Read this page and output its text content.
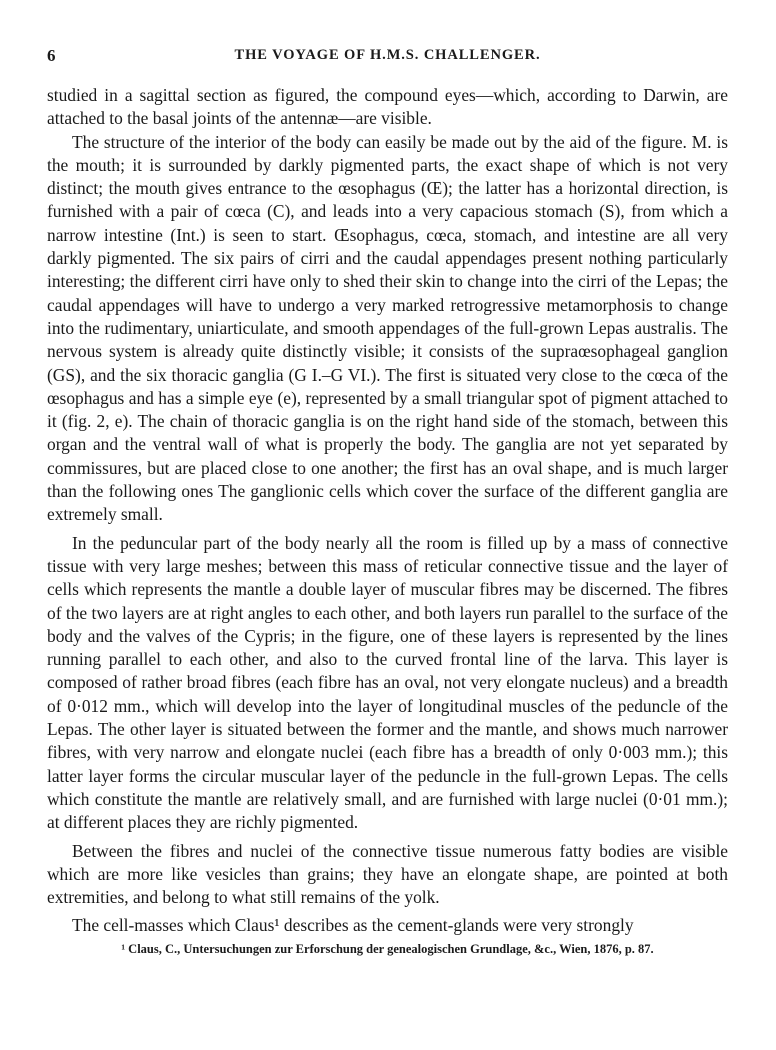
6	THE VOYAGE OF H.M.S. CHALLENGER.

studied in a sagittal section as figured, the compound eyes—which, according to Darwin, are attached to the basal joints of the antennæ—are visible.

The structure of the interior of the body can easily be made out by the aid of the figure. M. is the mouth; it is surrounded by darkly pigmented parts, the exact shape of which is not very distinct; the mouth gives entrance to the œsophagus (Œ); the latter has a horizontal direction, is furnished with a pair of cœca (C), and leads into a very capacious stomach (S), from which a narrow intestine (Int.) is seen to start. Œsophagus, cœca, stomach, and intestine are all very darkly pigmented. The six pairs of cirri and the caudal appendages present nothing particularly interesting; the different cirri have only to shed their skin to change into the cirri of the Lepas; the caudal appendages will have to undergo a very marked retrogressive metamorphosis to change into the rudimentary, uniarticulate, and smooth appendages of the full-grown Lepas australis. The nervous system is already quite distinctly visible; it consists of the supraœsophageal ganglion (GS), and the six thoracic ganglia (G I.–G VI.). The first is situated very close to the cœca of the œsophagus and has a simple eye (e), represented by a small triangular spot of pigment attached to it (fig. 2, e). The chain of thoracic ganglia is on the right hand side of the stomach, between this organ and the ventral wall of what is properly the body. The ganglia are not yet separated by commissures, but are placed close to one another; the first has an oval shape, and is much larger than the following ones The ganglionic cells which cover the surface of the different ganglia are extremely small.

In the peduncular part of the body nearly all the room is filled up by a mass of connective tissue with very large meshes; between this mass of reticular connective tissue and the layer of cells which represents the mantle a double layer of muscular fibres may be discerned. The fibres of the two layers are at right angles to each other, and both layers run parallel to the surface of the body and the valves of the Cypris; in the figure, one of these layers is represented by the lines running parallel to each other, and also to the curved frontal line of the larva. This layer is composed of rather broad fibres (each fibre has an oval, not very elongate nucleus) and a breadth of 0·012 mm., which will develop into the layer of longitudinal muscles of the peduncle of the Lepas. The other layer is situated between the former and the mantle, and shows much narrower fibres, with very narrow and elongate nuclei (each fibre has a breadth of only 0·003 mm.); this latter layer forms the circular muscular layer of the peduncle in the full-grown Lepas. The cells which constitute the mantle are relatively small, and are furnished with large nuclei (0·01 mm.); at different places they are richly pigmented.

Between the fibres and nuclei of the connective tissue numerous fatty bodies are visible which are more like vesicles than grains; they have an elongate shape, are pointed at both extremities, and belong to what still remains of the yolk.

The cell-masses which Claus¹ describes as the cement-glands were very strongly

¹ Claus, C., Untersuchungen zur Erforschung der genealogischen Grundlage, &c., Wien, 1876, p. 87.
